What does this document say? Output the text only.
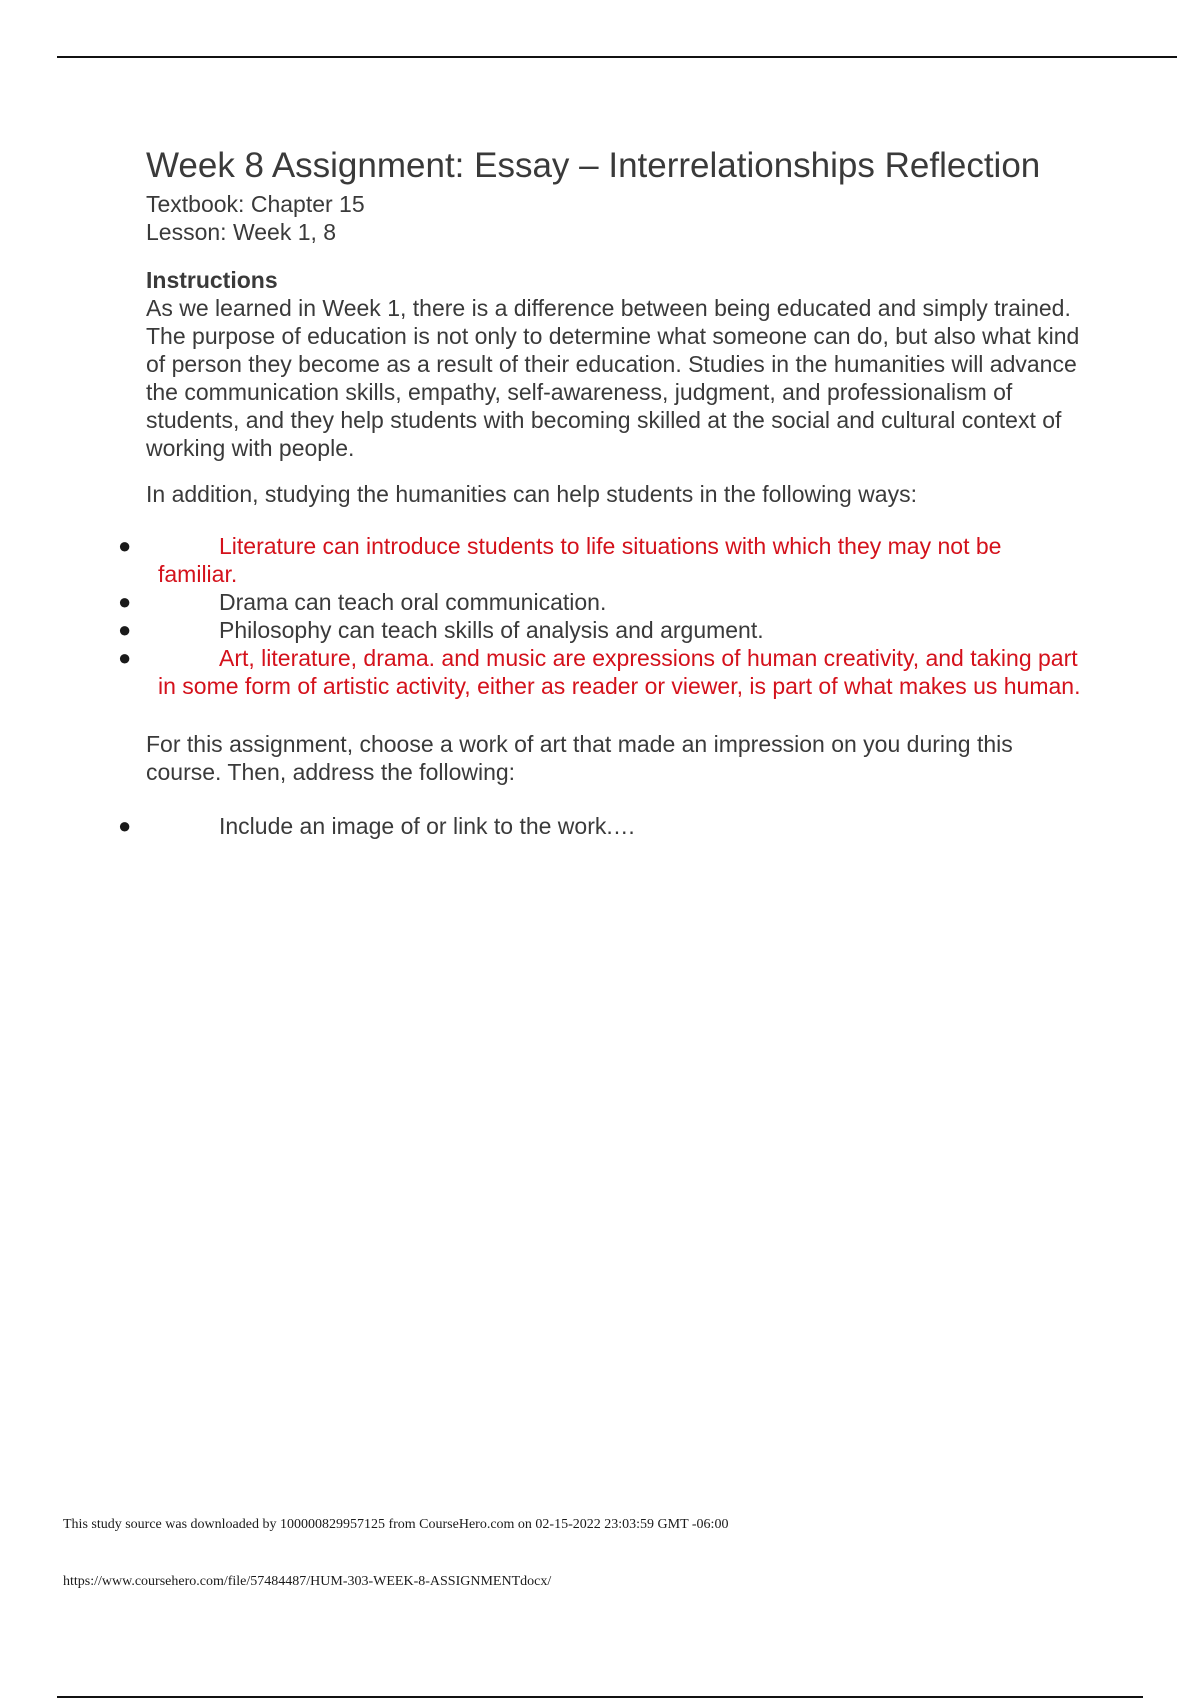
Week 8 Assignment: Essay – Interrelationships Reflection

Textbook: Chapter 15

Lesson: Week 1, 8

Instructions

As we learned in Week 1, there is a difference between being educated and simply trained. The purpose of education is not only to determine what someone can do, but also what kind of person they become as a result of their education. Studies in the humanities will advance the communication skills, empathy, self-awareness, judgment, and professionalism of students, and they help students with becoming skilled at the social and cultural context of working with people.

In addition, studying the humanities can help students in the following ways:

●	Literature can introduce students to life situations with which they may not be familiar.
●	Drama can teach oral communication.
●	Philosophy can teach skills of analysis and argument.
●	Art, literature, drama. and music are expressions of human creativity, and taking part in some form of artistic activity, either as reader or viewer, is part of what makes us human.

For this assignment, choose a work of art that made an impression on you during this course. Then, address the following:

●	Include an image of or link to the work.…
This study source was downloaded by 100000829957125 from CourseHero.com on 02-15-2022 23:03:59 GMT -06:00
https://www.coursehero.com/file/57484487/HUM-303-WEEK-8-ASSIGNMENTdocx/
